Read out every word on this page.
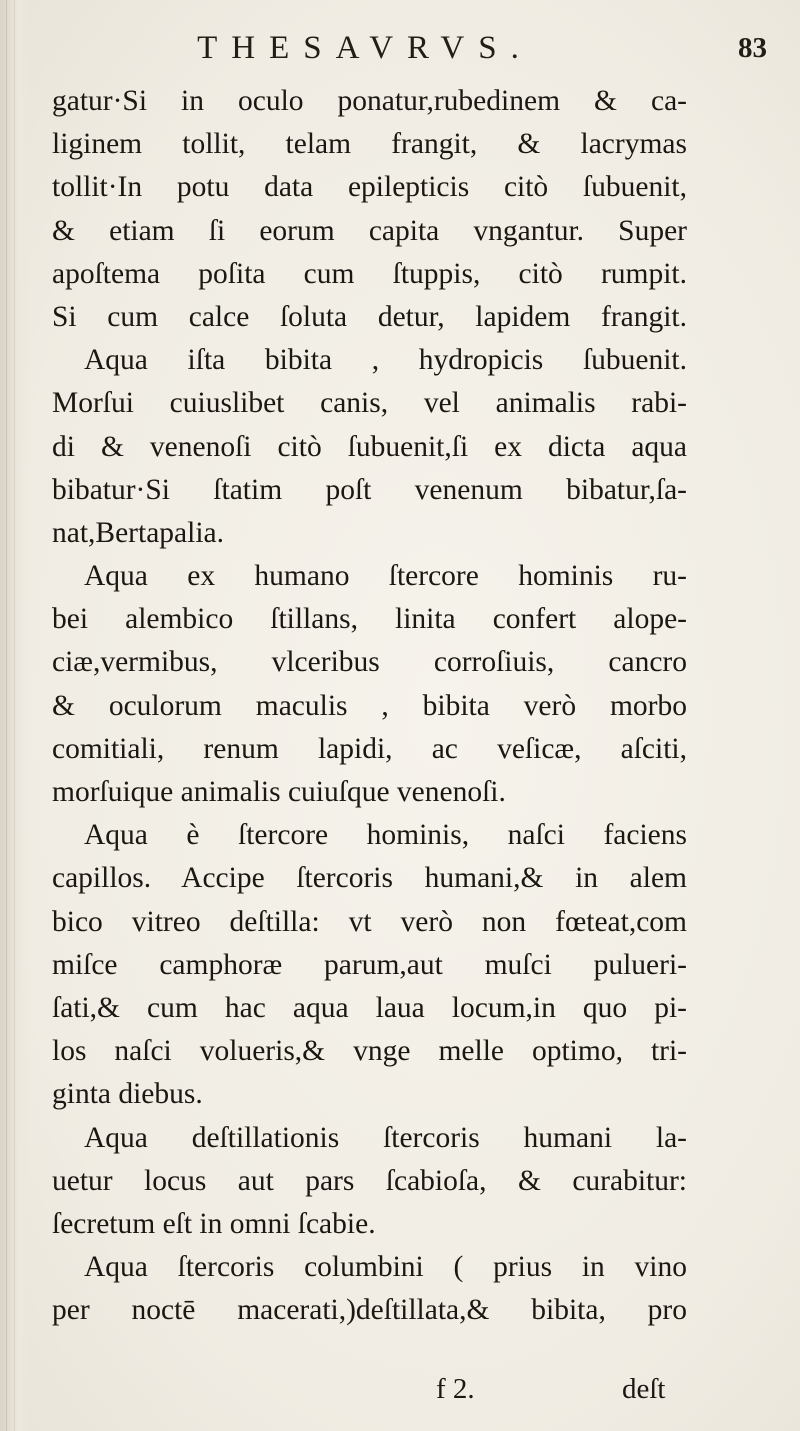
THESAVRVS.	83
gatur·Si in oculo ponatur,rubedinem & ca-
liginem tollit, telam frangit, & lacrymas
tollit·In potu data epilepticis citò ſubuenit,
& etiam ſi eorum capita vngantur. Super
apoſtema poſita cum ſtuppis, citò rumpit.
Si cum calce ſoluta detur, lapidem frangit.
Aqua iſta bibita , hydropicis ſubuenit.
Morſui cuiuslibet canis, vel animalis rabi-
di & venenoſi citò ſubuenit,ſi ex dicta aqua
bibatur·Si ſtatim poſt venenum bibatur,ſa-
nat,Bertapalia.
Aqua ex humano ſtercore hominis ru-
bei alembico ſtillans, linita confert alope-
ciæ,vermibus, vlceribus corroſiuis, cancro
& oculorum maculis , bibita verò morbo
comitiali, renum lapidi, ac veſicæ, aſciti,
morſuique animalis cuiuſque venenoſi.
Aqua è ſtercore hominis, naſci faciens
capillos. Accipe ſtercoris humani,& in alem
bico vitreo deſtilla: vt verò non fœteat,com
miſce camphoræ parum,aut muſci pulueri-
ſati,& cum hac aqua laua locum,in quo pi-
los naſci volueris,& vnge melle optimo, tri-
ginta diebus.
Aqua deſtillationis ſtercoris humani la-
uetur locus aut pars ſcabioſa, & curabitur:
ſecretum eſt in omni ſcabie.
Aqua ſtercoris columbini ( prius in vino
per noctē macerati,)deſtillata,& bibita, pro
f 2.	deſt
